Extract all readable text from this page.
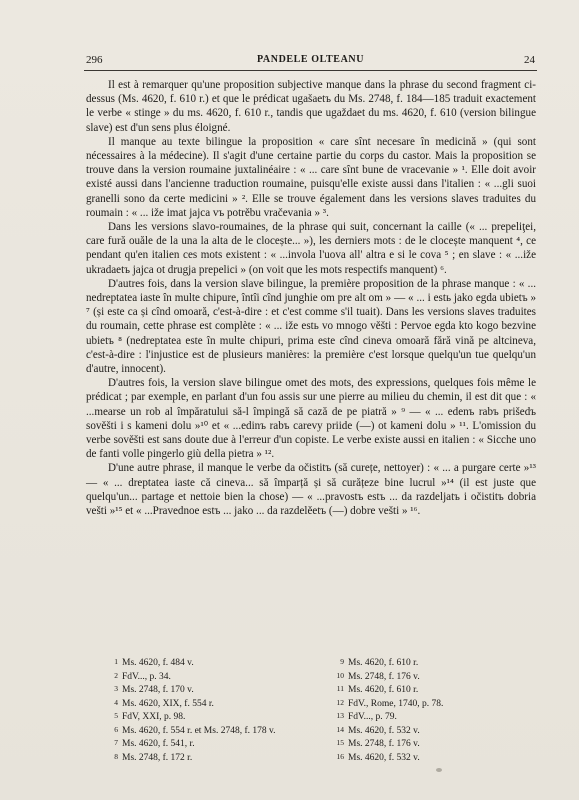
296	PANDELE OLTEANU	24

Il est à remarquer qu'une proposition subjective manque dans la phrase du second fragment ci-dessus (Ms. 4620, f. 610 r.) et que le prédicat ugašaetъ du Ms. 2748, f. 184—185 traduit exactement le verbe « stinge » du ms. 4620, f. 610 r., tandis que ugaždaet du ms. 4620, f. 610 (version bilingue slave) est d'un sens plus éloigné.

Il manque au texte bilingue la proposition « care sînt necesare în medicină » (qui sont nécessaires à la médecine). Il s'agit d'une certaine partie du corps du castor. Mais la proposition se trouve dans la version roumaine juxtalinéaire : « ... care sînt bune de vracevanie » ¹. Elle doit avoir existé aussi dans l'ancienne traduction roumaine, puisqu'elle existe aussi dans l'italien : « ...gli suoi granelli sono da certe medicini » ². Elle se trouve également dans les versions slaves traduites du roumain : « ... iže imat jajca vъ potrěbu vračevania » ³.

Dans les versions slavo-roumaines, de la phrase qui suit, concernant la caille (« ... prepeliţei, care fură ouăle de la una la alta de le clocește... »), les derniers mots : de le clocește manquent ⁴, ce pendant qu'en italien ces mots existent : « ...invola l'uova all' altra e si le cova ⁵ ; en slave : « ...iže ukradaetъ jajca ot drugja prepelici » (on voit que les mots respectifs manquent) ⁶.

D'autres fois, dans la version slave bilingue, la première proposition de la phrase manque : « ... nedreptatea iaste în multe chipure, întîi cînd junghie om pre alt om » — « ... i estь jako egda ubietъ » ⁷ (și este ca și cînd omoară, c'est-à-dire : et c'est comme s'il tuait). Dans les versions slaves traduites du roumain, cette phrase est complète : « ... iže estь vo mnogo věšti : Pervoe egda kto kogo bezvine ubietъ ⁸ (nedreptatea este în multe chipuri, prima este cînd cineva omoară fără vină pe altcineva, c'est-à-dire : l'injustice est de plusieurs manières: la première c'est lorsque quelqu'un tue quelqu'un d'autre, innocent).

D'autres fois, la version slave bilingue omet des mots, des expressions, quelques fois même le prédicat ; par exemple, en parlant d'un fou assis sur une pierre au milieu du chemin, il est dit que : « ...mearse un rob al împăratului să-l împingă să cază de pe piatră » ⁹ — « ... edenъ rabъ prišedъ sověšti i s kameni dolu »¹⁰ et « ...edinъ rabъ carevy priide (—) ot kameni dolu » ¹¹. L'omission du verbe sověšti est sans doute due à l'erreur d'un copiste. Le verbe existe aussi en italien : « Sicche uno de fanti volle pingerlo giù della pietra » ¹².

D'une autre phrase, il manque le verbe da očistitъ (să curețe, nettoyer) : « ... a purgare certe »¹³ — « ... dreptatea iaste că cineva... să împarță și să curățeze bine lucrul »¹⁴ (il est juste que quelqu'un... partage et nettoie bien la chose) — « ...pravostъ estъ ... da razdeljatъ i očistitъ dobria vešti »¹⁵ et « ...Pravednoe estъ ... jako ... da razdelěetъ (—) dobre vešti » ¹⁶.

1 Ms. 4620, f. 484 v.
2 FdV..., p. 34.
3 Ms. 2748, f. 170 v.
4 Ms. 4620, XIX, f. 554 r.
5 FdV, XXI, p. 98.
6 Ms. 4620, f. 554 r. et Ms. 2748, f. 178 v.
7 Ms. 4620, f. 541, r.
8 Ms. 2748, f. 172 r.
9 Ms. 4620, f. 610 r.
10 Ms. 2748, f. 176 v.
11 Ms. 4620, f. 610 r.
12 FdV., Rome, 1740, p. 78.
13 FdV..., p. 79.
14 Ms. 4620, f. 532 v.
15 Ms. 2748, f. 176 v.
16 Ms. 4620, f. 532 v.
